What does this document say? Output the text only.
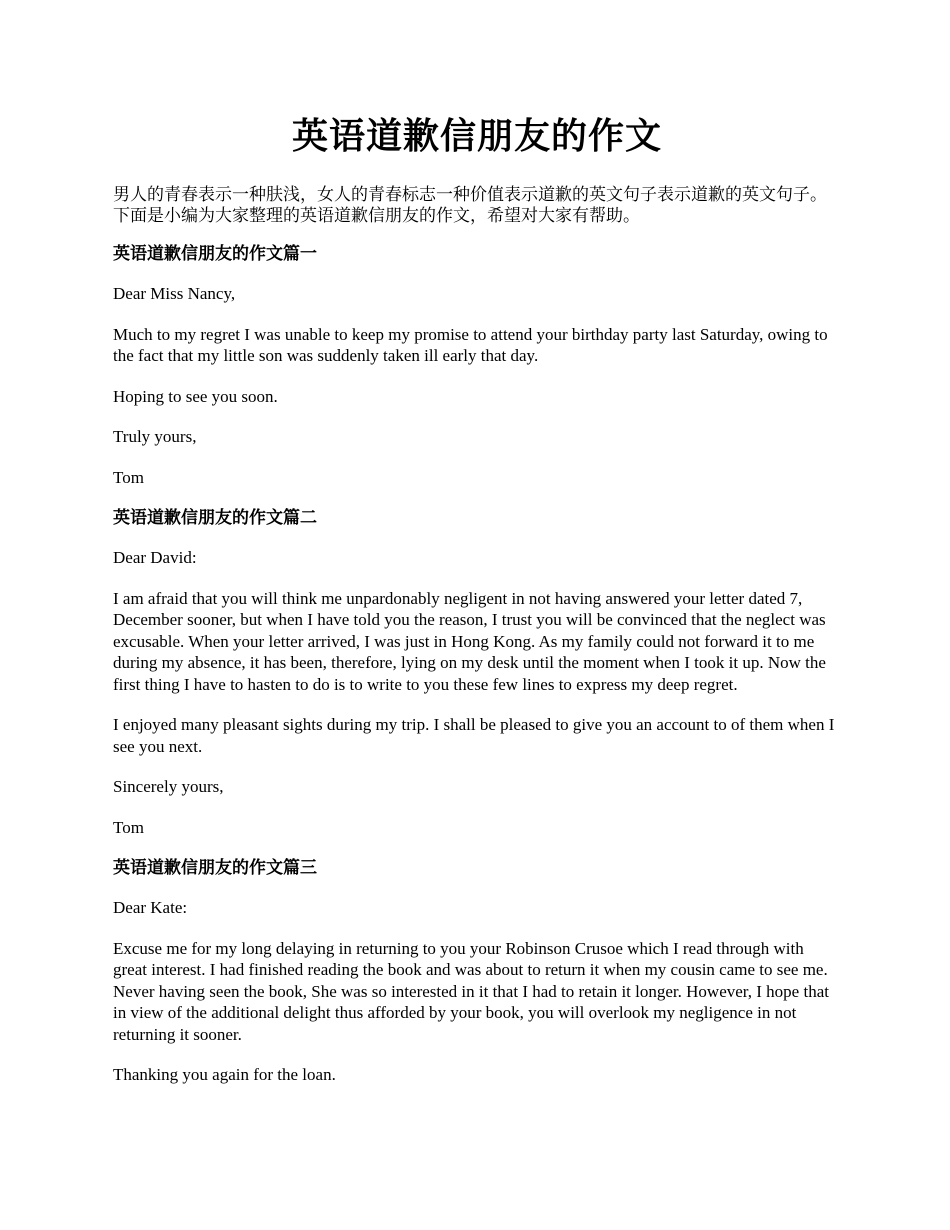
英语道歉信朋友的作文

男人的青春表示一种肤浅，女人的青春标志一种价值表示道歉的英文句子表示道歉的英文句子。下面是小编为大家整理的英语道歉信朋友的作文，希望对大家有帮助。

英语道歉信朋友的作文篇一

Dear Miss Nancy,

Much to my regret I was unable to keep my promise to attend your birthday party last Saturday, owing to the fact that my little son was suddenly taken ill early that day.

Hoping to see you soon.

Truly yours,

Tom

英语道歉信朋友的作文篇二

Dear David:

I am afraid that you will think me unpardonably negligent in not having answered your letter dated 7, December sooner, but when I have told you the reason, I trust you will be convinced that the neglect was excusable. When your letter arrived, I was just in Hong Kong. As my family could not forward it to me during my absence, it has been, therefore, lying on my desk until the moment when I took it up. Now the first thing I have to hasten to do is to write to you these few lines to express my deep regret.

I enjoyed many pleasant sights during my trip. I shall be pleased to give you an account to of them when I see you next.

Sincerely yours,

Tom

英语道歉信朋友的作文篇三

Dear Kate:

Excuse me for my long delaying in returning to you your Robinson Crusoe which I read through with great interest. I had finished reading the book and was about to return it when my cousin came to see me. Never having seen the book, She was so interested in it that I had to retain it longer. However, I hope that in view of the additional delight thus afforded by your book, you will overlook my negligence in not returning it sooner.

Thanking you again for the loan.
